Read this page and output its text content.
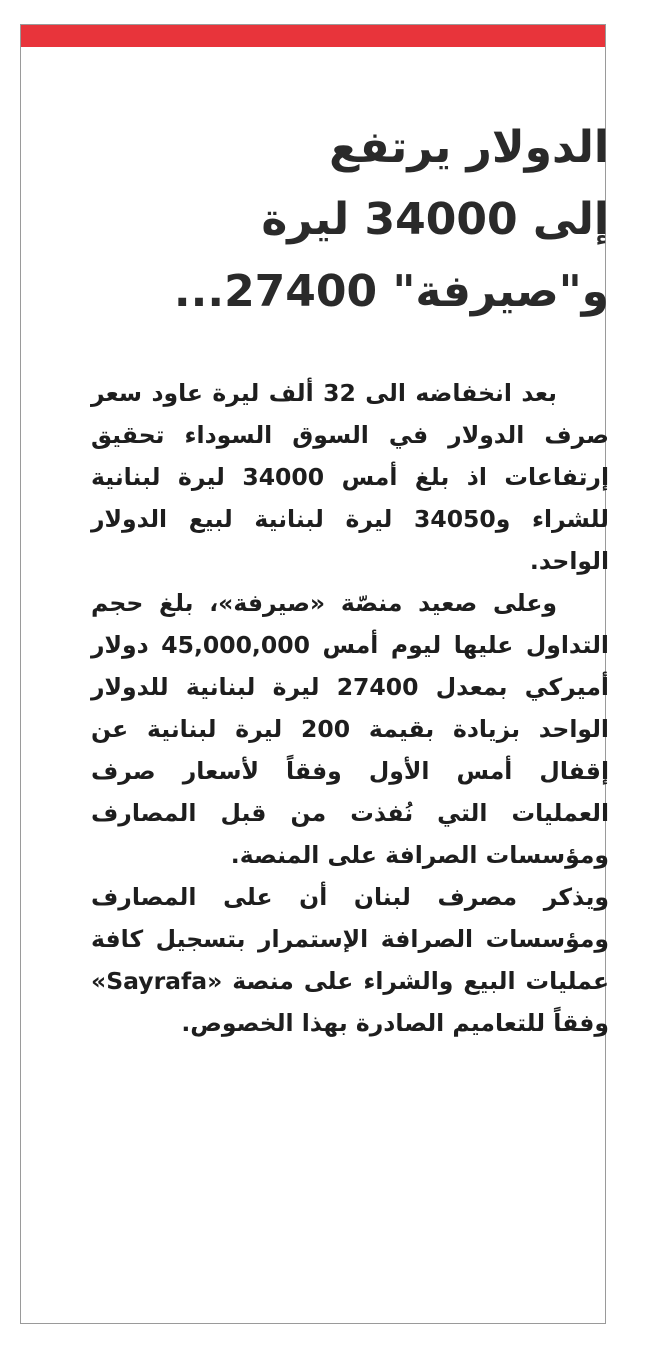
الدولار يرتفع
إلى 34000 ليرة
و"صيرفة" 27400...

بعد انخفاضه الى 32 ألف ليرة عاود سعر صرف الدولار في السوق السوداء تحقيق إرتفاعات اذ بلغ أمس 34000 ليرة لبنانية للشراء و34050 ليرة لبنانية لبيع الدولار الواحد.

وعلى صعيد منصّة «صيرفة»، بلغ حجم التداول عليها ليوم أمس 45,000,000 دولار أميركي بمعدل 27400 ليرة لبنانية للدولار الواحد بزيادة بقيمة 200 ليرة لبنانية عن إقفال أمس الأول وفقاً لأسعار صرف العمليات التي نُفذت من قبل المصارف ومؤسسات الصرافة على المنصة.

ويذكر مصرف لبنان أن على المصارف ومؤسسات الصرافة الإستمرار بتسجيل كافة عمليات البيع والشراء على منصة «Sayrafa» وفقاً للتعاميم الصادرة بهذا الخصوص.
